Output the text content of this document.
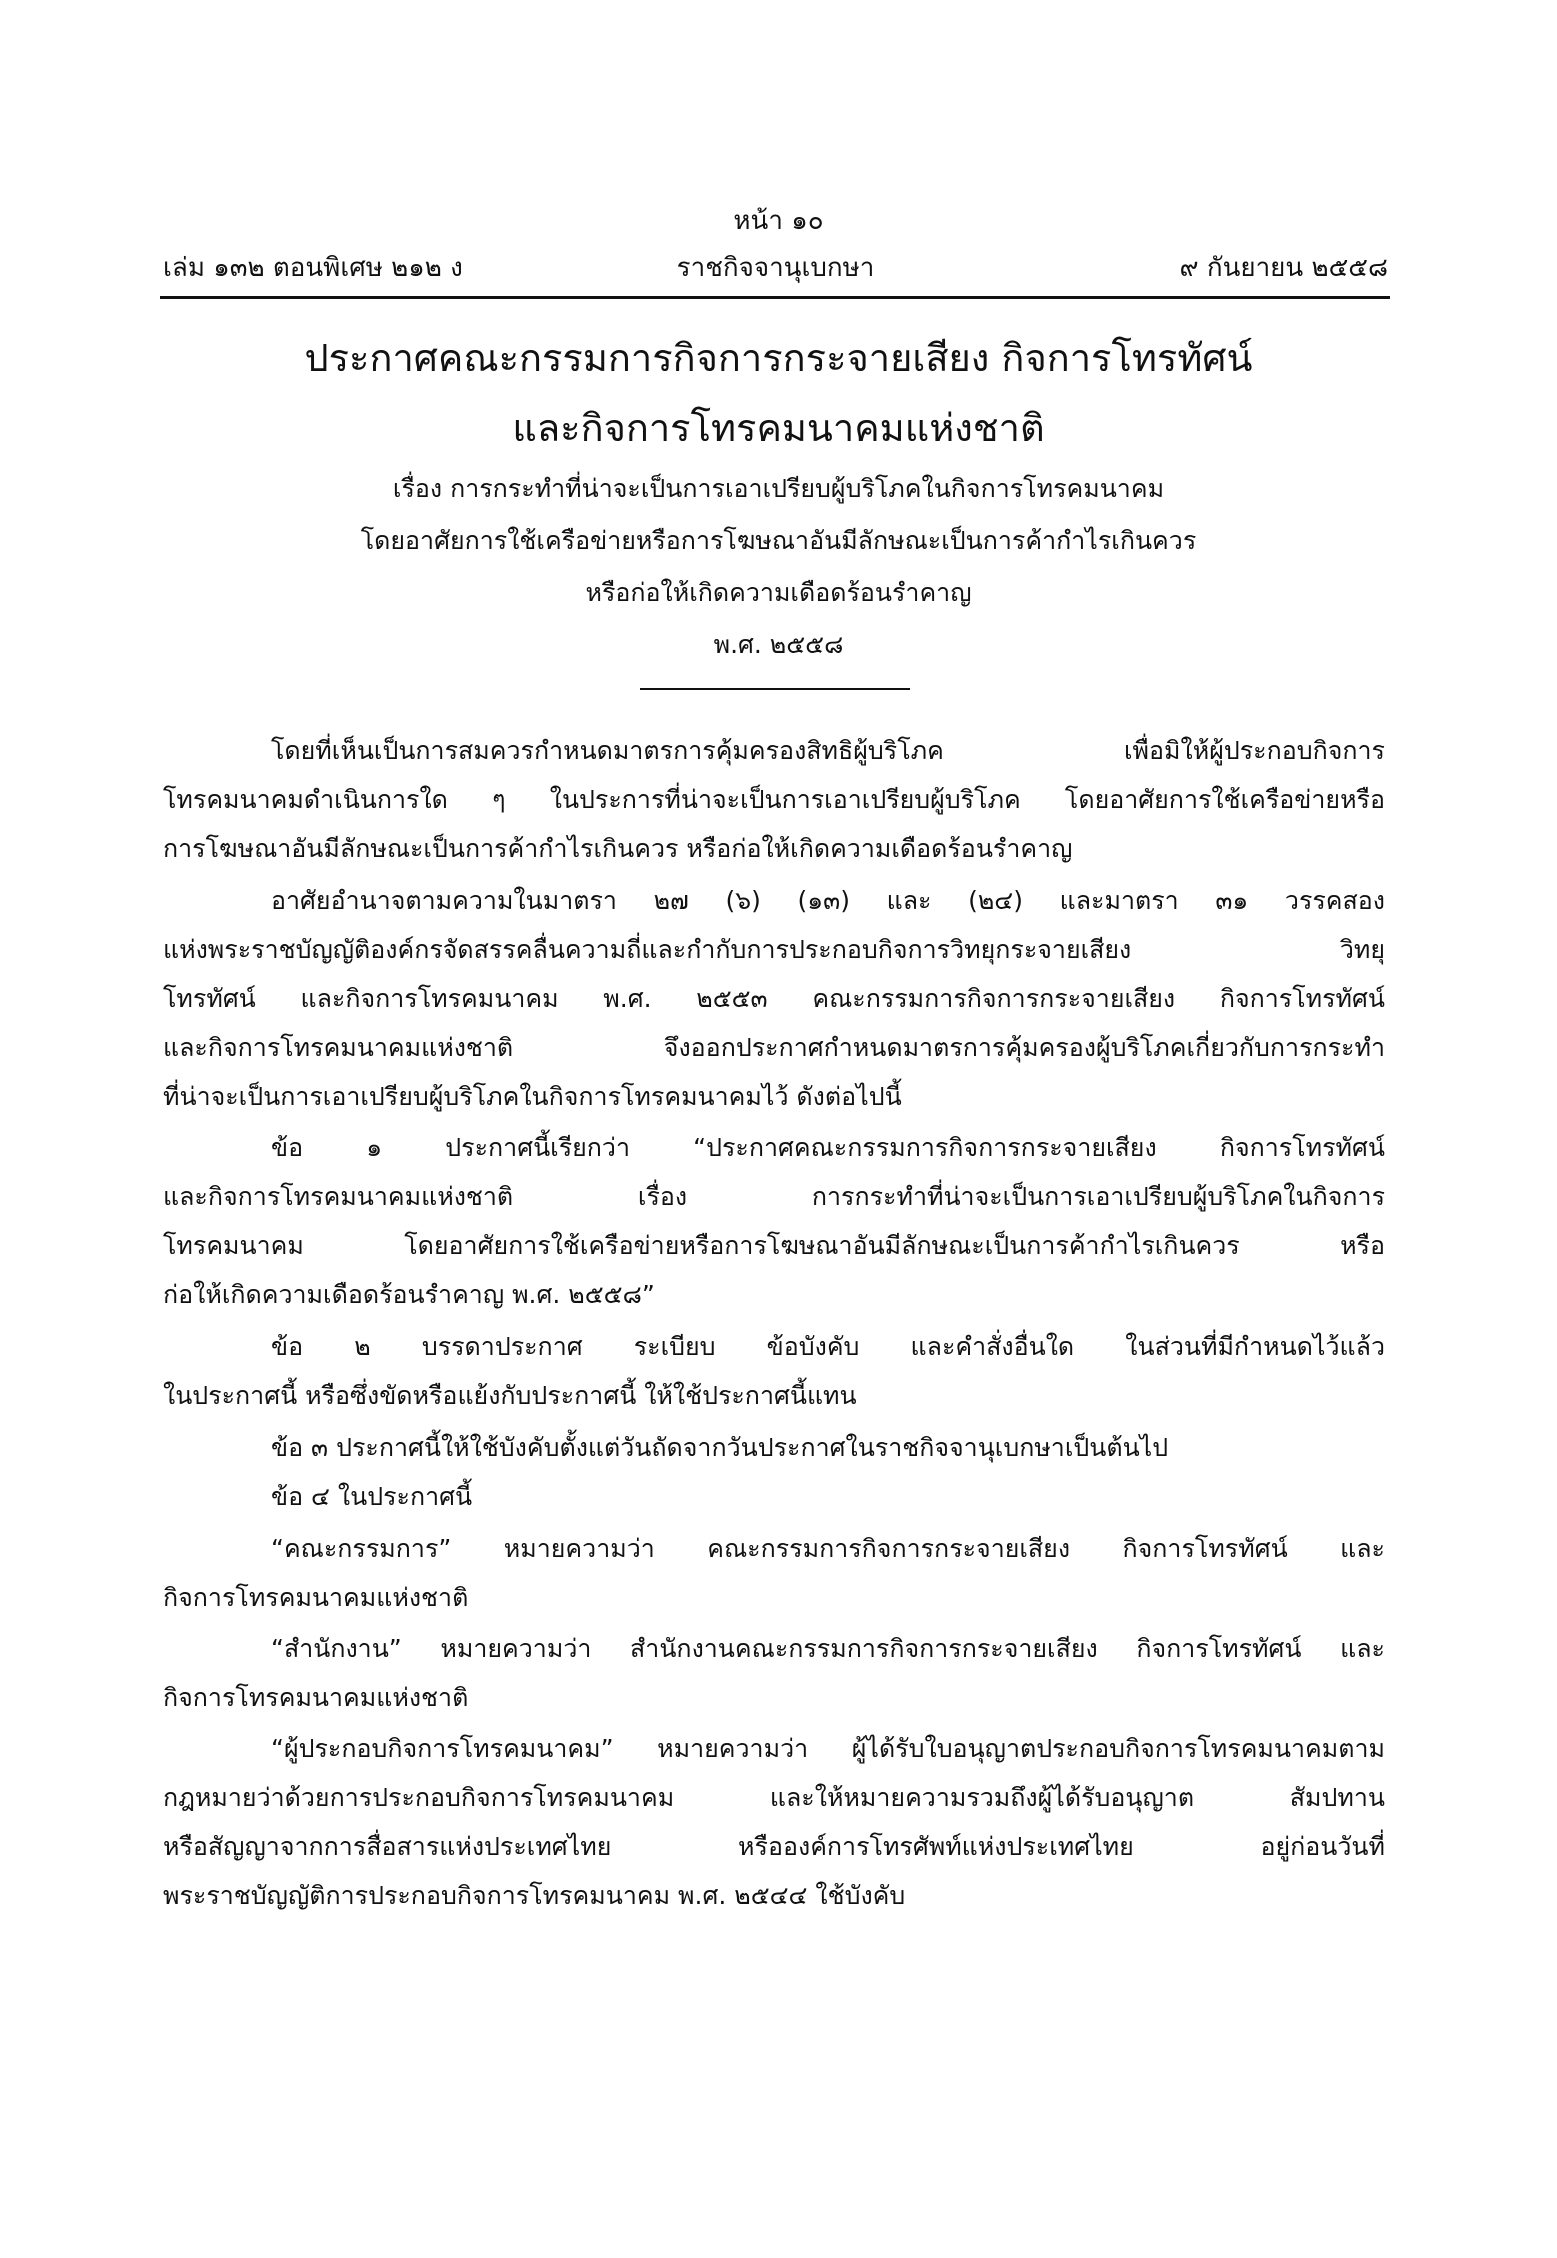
หน้า ๑๐
ราชกิจจานุเบกษา
เล่ม ๑๓๒ ตอนพิเศษ ๒๑๒ ง	๙ กันยายน ๒๕๕๘
ประกาศคณะกรรมการกิจการกระจายเสียง กิจการโทรทัศน์
และกิจการโทรคมนาคมแห่งชาติ
เรื่อง การกระทำที่น่าจะเป็นการเอาเปรียบผู้บริโภคในกิจการโทรคมนาคม
โดยอาศัยการใช้เครือข่ายหรือการโฆษณาอันมีลักษณะเป็นการค้ากำไรเกินควร
หรือก่อให้เกิดความเดือดร้อนรำคาญ
พ.ศ. ๒๕๕๘
โดยที่เห็นเป็นการสมควรกำหนดมาตรการคุ้มครองสิทธิผู้บริโภค เพื่อมิให้ผู้ประกอบกิจการ
โทรคมนาคมดำเนินการใด ๆ ในประการที่น่าจะเป็นการเอาเปรียบผู้บริโภค โดยอาศัยการใช้เครือข่ายหรือ
การโฆษณาอันมีลักษณะเป็นการค้ากำไรเกินควร หรือก่อให้เกิดความเดือดร้อนรำคาญ
อาศัยอำนาจตามความในมาตรา ๒๗ (๖) (๑๓) และ (๒๔) และมาตรา ๓๑ วรรคสอง
แห่งพระราชบัญญัติองค์กรจัดสรรคลื่นความถี่และกำกับการประกอบกิจการวิทยุกระจายเสียง วิทยุ
โทรทัศน์ และกิจการโทรคมนาคม พ.ศ. ๒๕๕๓ คณะกรรมการกิจการกระจายเสียง กิจการโทรทัศน์
และกิจการโทรคมนาคมแห่งชาติ จึงออกประกาศกำหนดมาตรการคุ้มครองผู้บริโภคเกี่ยวกับการกระทำ
ที่น่าจะเป็นการเอาเปรียบผู้บริโภคในกิจการโทรคมนาคมไว้ ดังต่อไปนี้
ข้อ ๑ ประกาศนี้เรียกว่า “ประกาศคณะกรรมการกิจการกระจายเสียง กิจการโทรทัศน์
และกิจการโทรคมนาคมแห่งชาติ เรื่อง การกระทำที่น่าจะเป็นการเอาเปรียบผู้บริโภคในกิจการ
โทรคมนาคม โดยอาศัยการใช้เครือข่ายหรือการโฆษณาอันมีลักษณะเป็นการค้ากำไรเกินควร หรือ
ก่อให้เกิดความเดือดร้อนรำคาญ พ.ศ. ๒๕๕๘”
ข้อ ๒ บรรดาประกาศ ระเบียบ ข้อบังคับ และคำสั่งอื่นใด ในส่วนที่มีกำหนดไว้แล้ว
ในประกาศนี้ หรือซึ่งขัดหรือแย้งกับประกาศนี้ ให้ใช้ประกาศนี้แทน
ข้อ ๓ ประกาศนี้ให้ใช้บังคับตั้งแต่วันถัดจากวันประกาศในราชกิจจานุเบกษาเป็นต้นไป
ข้อ ๔ ในประกาศนี้
“คณะกรรมการ” หมายความว่า คณะกรรมการกิจการกระจายเสียง กิจการโทรทัศน์ และ
กิจการโทรคมนาคมแห่งชาติ
“สำนักงาน” หมายความว่า สำนักงานคณะกรรมการกิจการกระจายเสียง กิจการโทรทัศน์ และ
กิจการโทรคมนาคมแห่งชาติ
“ผู้ประกอบกิจการโทรคมนาคม” หมายความว่า ผู้ได้รับใบอนุญาตประกอบกิจการโทรคมนาคมตาม
กฎหมายว่าด้วยการประกอบกิจการโทรคมนาคม และให้หมายความรวมถึงผู้ได้รับอนุญาต สัมปทาน
หรือสัญญาจากการสื่อสารแห่งประเทศไทย หรือองค์การโทรศัพท์แห่งประเทศไทย อยู่ก่อนวันที่
พระราชบัญญัติการประกอบกิจการโทรคมนาคม พ.ศ. ๒๕๔๔ ใช้บังคับ
